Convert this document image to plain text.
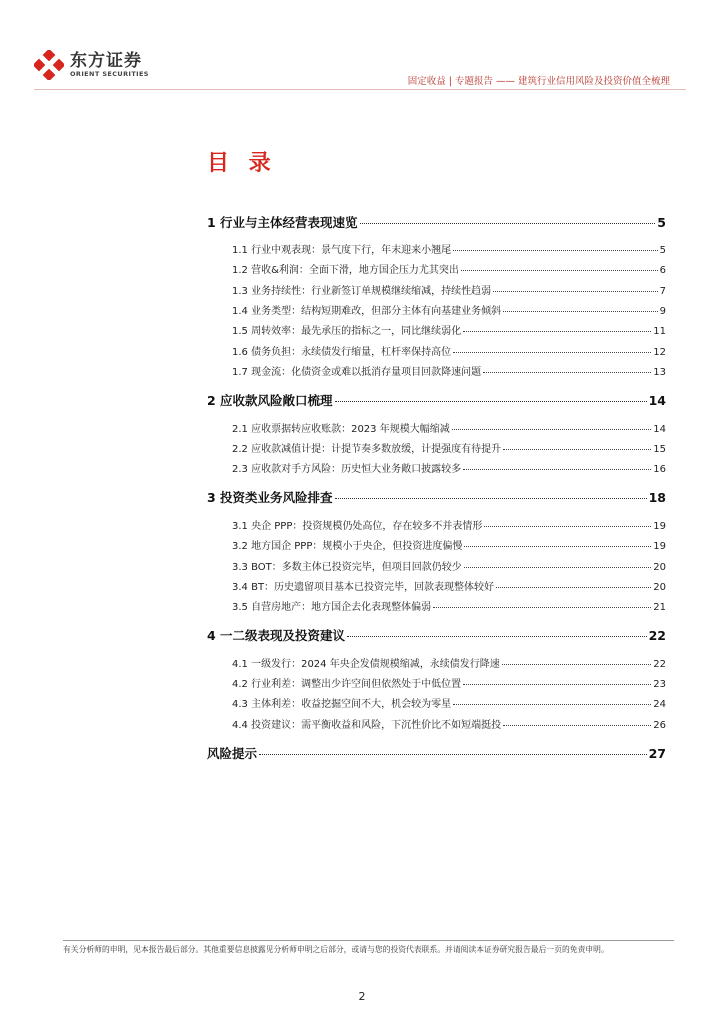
东方证券
ORIENT SECURITIES
固定收益 | 专题报告 —— 建筑行业信用风险及投资价值全梳理
目 录
1 行业与主体经营表现速览	5
1.1 行业中观表现：景气度下行，年末迎来小翘尾	5
1.2 营收&利润：全面下滑，地方国企压力尤其突出	6
1.3 业务持续性：行业新签订单规模继续缩减，持续性趋弱	7
1.4 业务类型：结构短期难改，但部分主体有向基建业务倾斜	9
1.5 周转效率：最先承压的指标之一，同比继续弱化	11
1.6 债务负担：永续债发行缩量，杠杆率保持高位	12
1.7 现金流：化债资金或难以抵消存量项目回款降速问题	13
2 应收款风险敞口梳理	14
2.1 应收票据转应收账款：2023 年规模大幅缩减	14
2.2 应收款减值计提：计提节奏多数放缓，计提强度有待提升	15
2.3 应收款对手方风险：历史恒大业务敞口披露较多	16
3 投资类业务风险排查	18
3.1 央企 PPP：投资规模仍处高位，存在较多不并表情形	19
3.2 地方国企 PPP：规模小于央企，但投资进度偏慢	19
3.3 BOT：多数主体已投资完毕，但项目回款仍较少	20
3.4 BT：历史遗留项目基本已投资完毕，回款表现整体较好	20
3.5 自营房地产：地方国企去化表现整体偏弱	21
4 一二级表现及投资建议	22
4.1 一级发行：2024 年央企发债规模缩减，永续债发行降速	22
4.2 行业利差：调整出少许空间但依然处于中低位置	23
4.3 主体利差：收益挖掘空间不大，机会较为零星	24
4.4 投资建议：需平衡收益和风险，下沉性价比不如短端挺投	26
风险提示	27
有关分析师的申明，见本报告最后部分。其他重要信息披露见分析师申明之后部分，或请与您的投资代表联系。并请阅读本证券研究报告最后一页的免责申明。
2
